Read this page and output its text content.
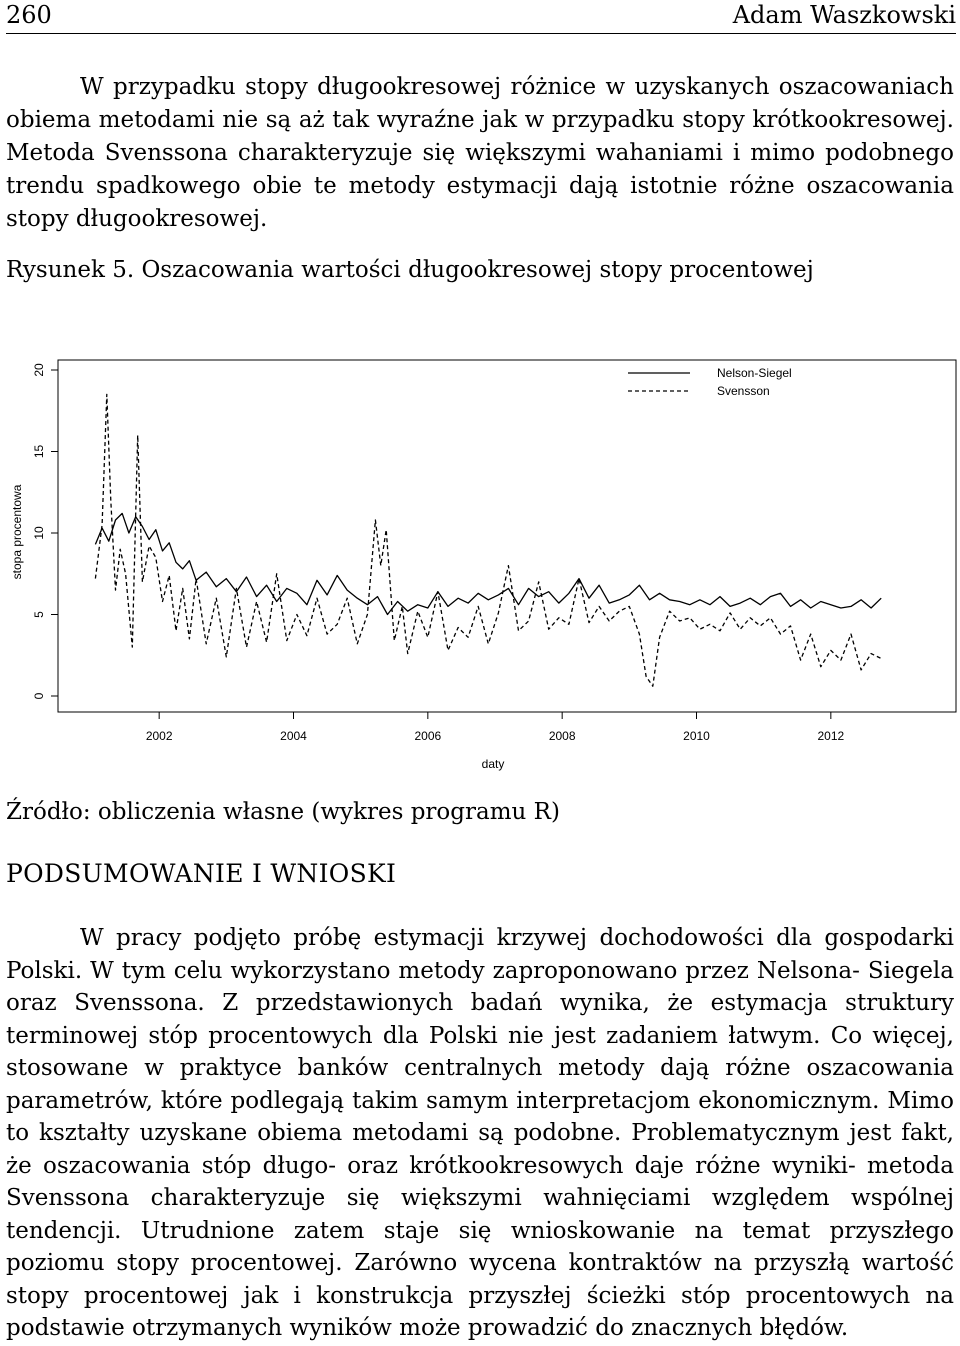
260	Adam Waszkowski

W przypadku stopy długookresowej różnice w uzyskanych oszacowaniach obiema metodami nie są aż tak wyraźne jak w przypadku stopy krótkookresowej. Metoda Svenssona charakteryzuje się większymi wahaniami i mimo podobnego trendu spadkowego obie te metody estymacji dają istotnie różne oszacowania stopy długookresowej.

Rysunek 5. Oszacowania wartości długookresowej stopy procentowej
0
5
10
15
20
2002	2004	2006	2008	2010	2012
Nelson-Siegel
Svensson
daty
stopa procentowa
Źródło: obliczenia własne (wykres programu R)
PODSUMOWANIE I WNIOSKI

W pracy podjęto próbę estymacji krzywej dochodowości dla gospodarki Polski. W tym celu wykorzystano metody zaproponowano przez Nelsona- Siegela oraz Svenssona. Z przedstawionych badań wynika, że estymacja struktury terminowej stóp procentowych dla Polski nie jest zadaniem łatwym. Co więcej, stosowane w praktyce banków centralnych metody dają różne oszacowania parametrów, które podlegają takim samym interpretacjom ekonomicznym. Mimo to kształty uzyskane obiema metodami są podobne. Problematycznym jest fakt, że oszacowania stóp długo- oraz krótkookresowych daje różne wyniki- metoda Svenssona charakteryzuje się większymi wahnięciami względem wspólnej tendencji. Utrudnione zatem staje się wnioskowanie na temat przyszłego poziomu stopy procentowej. Zarówno wycena kontraktów na przyszłą wartość stopy procentowej jak i konstrukcja przyszłej ścieżki stóp procentowych na podstawie otrzymanych wyników może prowadzić do znacznych błędów.
